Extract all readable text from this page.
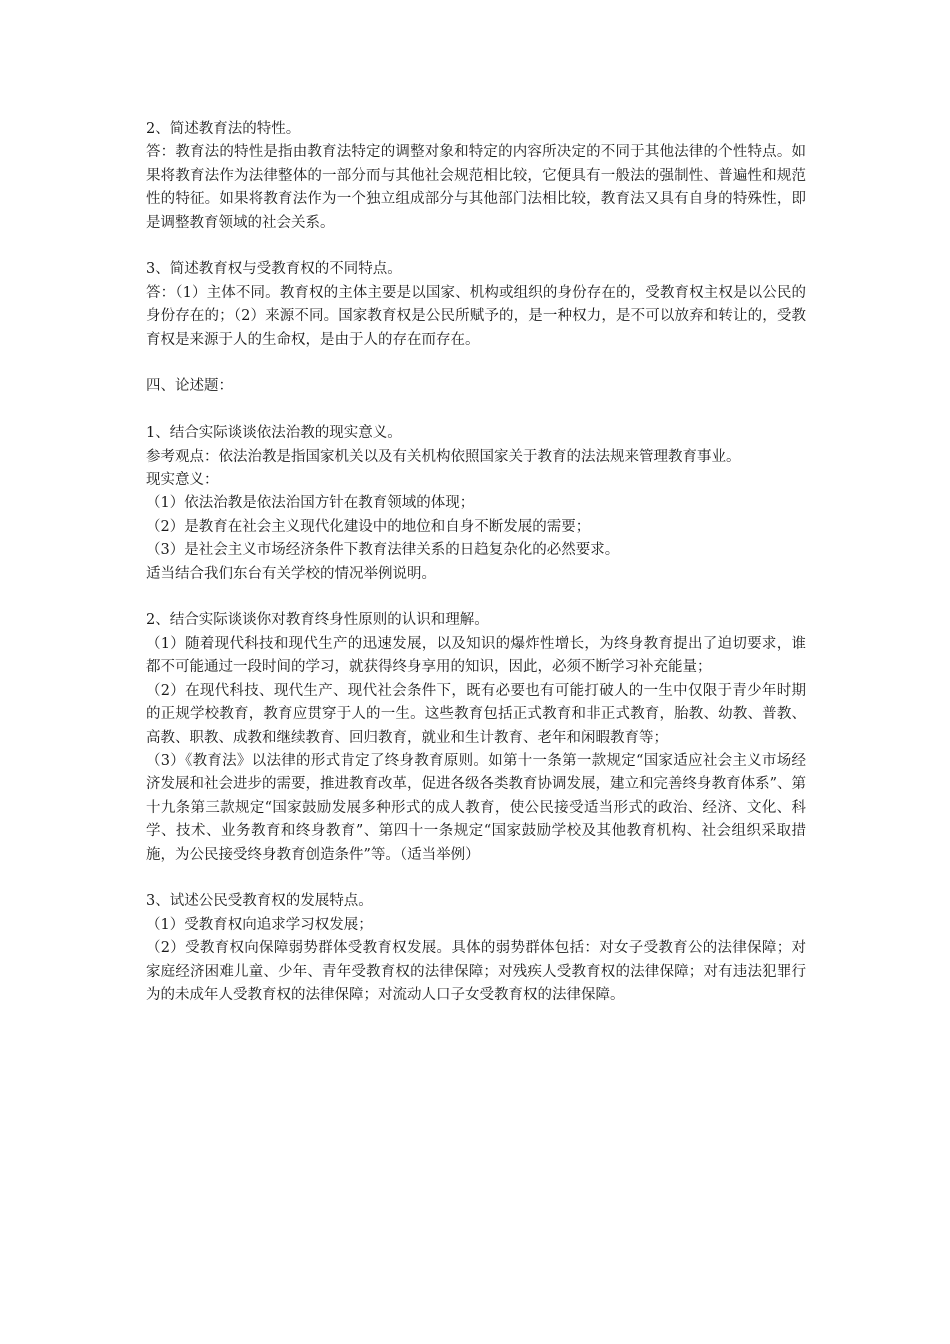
2、简述教育法的特性。

答：教育法的特性是指由教育法特定的调整对象和特定的内容所决定的不同于其他法律的个性特点。如果将教育法作为法律整体的一部分而与其他社会规范相比较，它便具有一般法的强制性、普遍性和规范性的特征。如果将教育法作为一个独立组成部分与其他部门法相比较，教育法又具有自身的特殊性，即是调整教育领域的社会关系。

3、简述教育权与受教育权的不同特点。

答：（1）主体不同。教育权的主体主要是以国家、机构或组织的身份存在的，受教育权主权是以公民的身份存在的；（2）来源不同。国家教育权是公民所赋予的，是一种权力，是不可以放弃和转让的，受教育权是来源于人的生命权，是由于人的存在而存在。

四、论述题：

1、结合实际谈谈依法治教的现实意义。

参考观点：依法治教是指国家机关以及有关机构依照国家关于教育的法法规来管理教育事业。

现实意义：

（1）依法治教是依法治国方针在教育领域的体现；

（2）是教育在社会主义现代化建设中的地位和自身不断发展的需要；

（3）是社会主义市场经济条件下教育法律关系的日趋复杂化的必然要求。

适当结合我们东台有关学校的情况举例说明。

2、结合实际谈谈你对教育终身性原则的认识和理解。

（1）随着现代科技和现代生产的迅速发展，以及知识的爆炸性增长，为终身教育提出了迫切要求，谁都不可能通过一段时间的学习，就获得终身享用的知识，因此，必须不断学习补充能量；

（2）在现代科技、现代生产、现代社会条件下，既有必要也有可能打破人的一生中仅限于青少年时期的正规学校教育，教育应贯穿于人的一生。这些教育包括正式教育和非正式教育，胎教、幼教、普教、高教、职教、成教和继续教育、回归教育，就业和生计教育、老年和闲暇教育等；

（3）《教育法》以法律的形式肯定了终身教育原则。如第十一条第一款规定“国家适应社会主义市场经济发展和社会进步的需要，推进教育改革，促进各级各类教育协调发展，建立和完善终身教育体系”、第十九条第三款规定“国家鼓励发展多种形式的成人教育，使公民接受适当形式的政治、经济、文化、科学、技术、业务教育和终身教育”、第四十一条规定“国家鼓励学校及其他教育机构、社会组织采取措施，为公民接受终身教育创造条件”等。（适当举例）

3、试述公民受教育权的发展特点。

（1）受教育权向追求学习权发展；

（2）受教育权向保障弱势群体受教育权发展。具体的弱势群体包括：对女子受教育公的法律保障；对家庭经济困难儿童、少年、青年受教育权的法律保障；对残疾人受教育权的法律保障；对有违法犯罪行为的未成年人受教育权的法律保障；对流动人口子女受教育权的法律保障。
